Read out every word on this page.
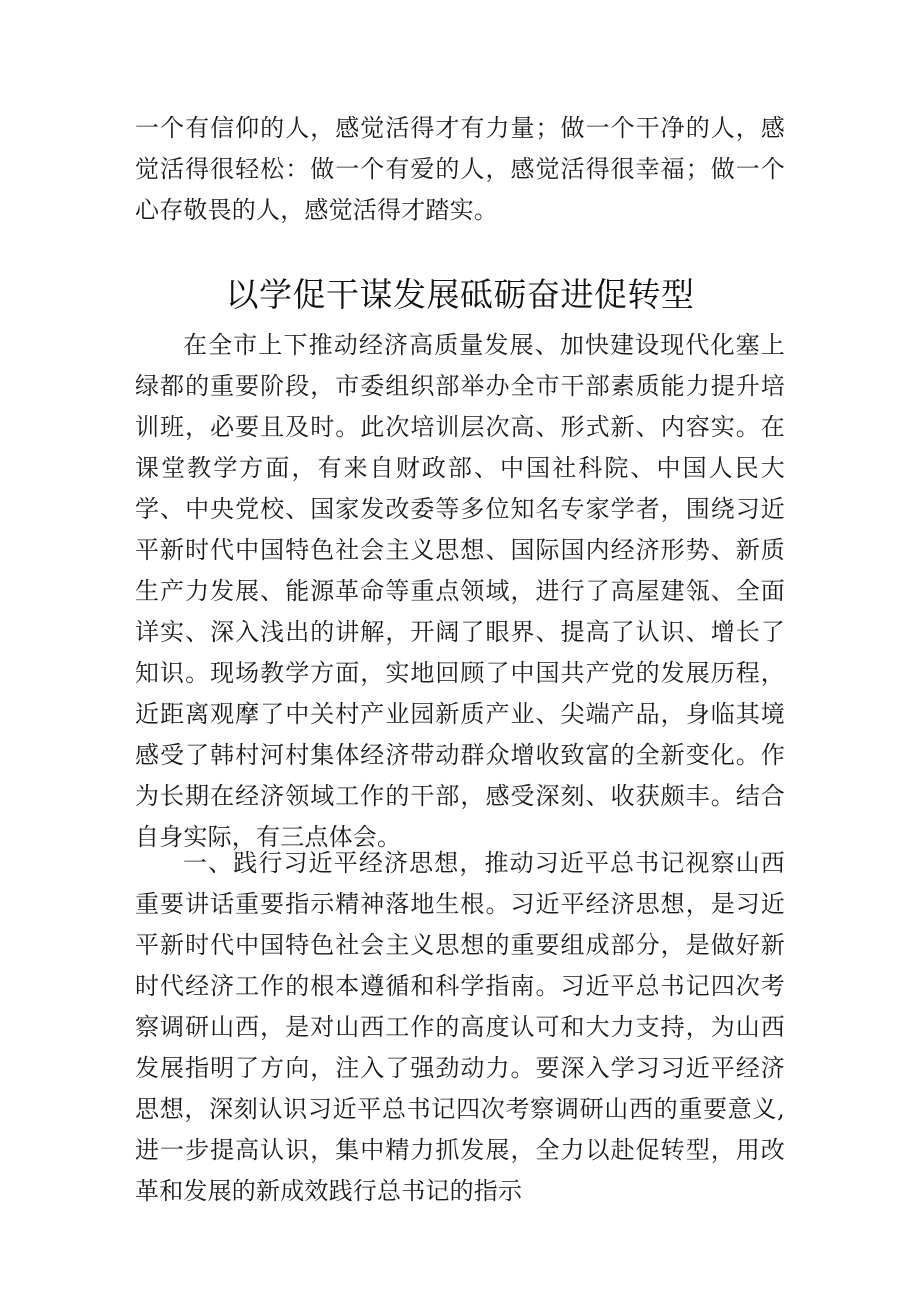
一个有信仰的人，感觉活得才有力量；做一个干净的人，感觉活得很轻松：做一个有爱的人，感觉活得很幸福；做一个心存敬畏的人，感觉活得才踏实。

以学促干谋发展砥砺奋进促转型

在全市上下推动经济高质量发展、加快建设现代化塞上绿都的重要阶段，市委组织部举办全市干部素质能力提升培训班，必要且及时。此次培训层次高、形式新、内容实。在课堂教学方面，有来自财政部、中国社科院、中国人民大学、中央党校、国家发改委等多位知名专家学者，围绕习近平新时代中国特色社会主义思想、国际国内经济形势、新质生产力发展、能源革命等重点领域，进行了高屋建瓴、全面详实、深入浅出的讲解，开阔了眼界、提高了认识、增长了知识。现场教学方面，实地回顾了中国共产党的发展历程，近距离观摩了中关村产业园新质产业、尖端产品，身临其境感受了韩村河村集体经济带动群众增收致富的全新变化。作为长期在经济领域工作的干部，感受深刻、收获颇丰。结合自身实际，有三点体会。

一、践行习近平经济思想，推动习近平总书记视察山西重要讲话重要指示精神落地生根。习近平经济思想，是习近平新时代中国特色社会主义思想的重要组成部分，是做好新时代经济工作的根本遵循和科学指南。习近平总书记四次考察调研山西，是对山西工作的高度认可和大力支持，为山西发展指明了方向，注入了强劲动力。要深入学习习近平经济思想，深刻认识习近平总书记四次考察调研山西的重要意义,进一步提高认识，集中精力抓发展，全力以赴促转型，用改革和发展的新成效践行总书记的指示
